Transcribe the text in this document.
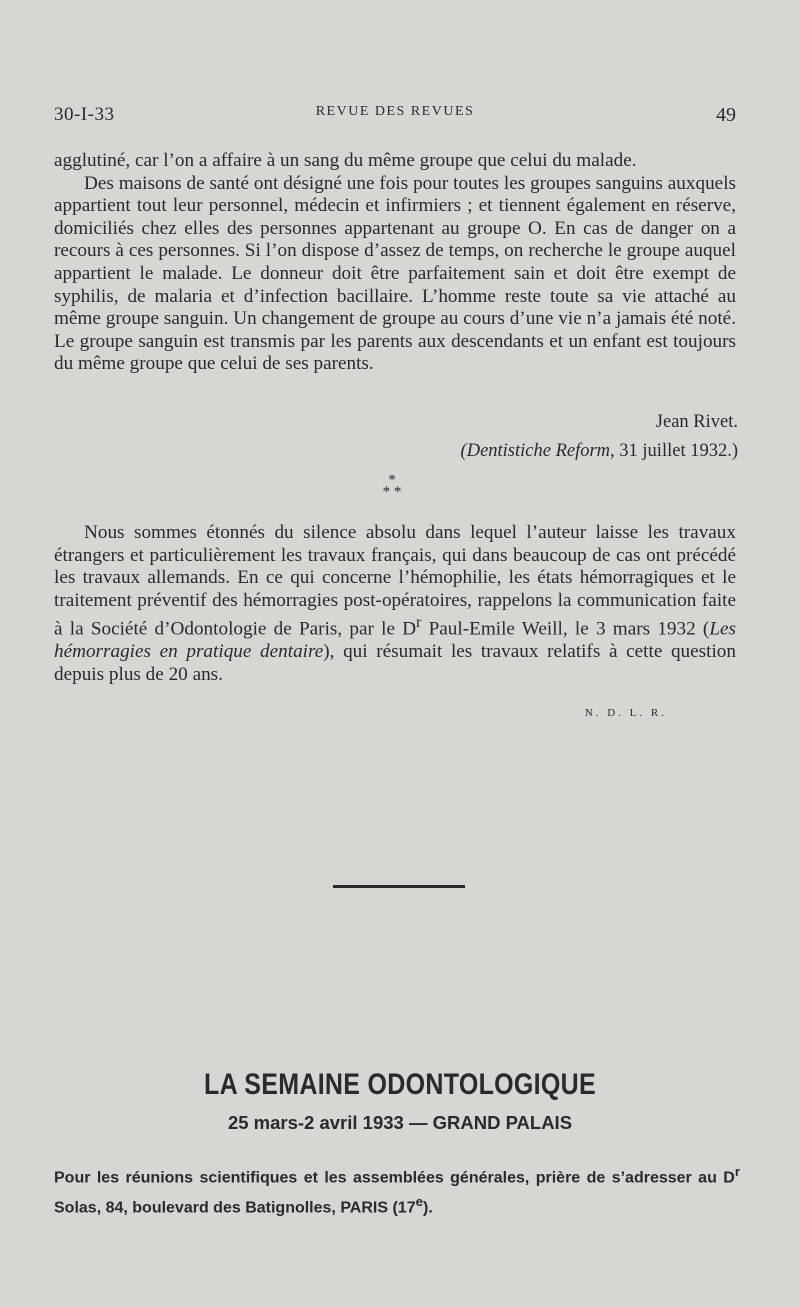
30-I-33	REVUE DES REVUES	49

agglutiné, car l’on a affaire à un sang du même groupe que celui du malade.

Des maisons de santé ont désigné une fois pour toutes les groupes sanguins auxquels appartient tout leur personnel, médecin et infirmiers ; et tiennent également en réserve, domiciliés chez elles des personnes appartenant au groupe O. En cas de danger on a recours à ces personnes. Si l’on dispose d’assez de temps, on recherche le groupe auquel appartient le malade. Le donneur doit être parfaitement sain et doit être exempt de syphilis, de malaria et d’infection bacillaire. L’homme reste toute sa vie attaché au même groupe sanguin. Un changement de groupe au cours d’une vie n’a jamais été noté. Le groupe sanguin est transmis par les parents aux descendants et un enfant est toujours du même groupe que celui de ses parents.

Jean Rivet.
(Dentistiche Reform, 31 juillet 1932.)
*
* *

Nous sommes étonnés du silence absolu dans lequel l’auteur laisse les travaux étrangers et particulièrement les travaux français, qui dans beaucoup de cas ont précédé les travaux allemands. En ce qui concerne l’hémophilie, les états hémorragiques et le traitement préventif des hémorragies post-opératoires, rappelons la communication faite à la Société d’Odontologie de Paris, par le $D^r$ Paul-Emile Weill, le 3 mars 1932 (Les hémorragies en pratique dentaire), qui résumait les travaux relatifs à cette question depuis plus de 20 ans.

N. D. L. R.
LA SEMAINE ODONTOLOGIQUE
25 mars-2 avril 1933 — GRAND PALAIS
Pour les réunions scientifiques et les assemblées générales, prière de s’adresser au $D^r$ Solas, 84, boulevard des Batignolles, PARIS (17e).
